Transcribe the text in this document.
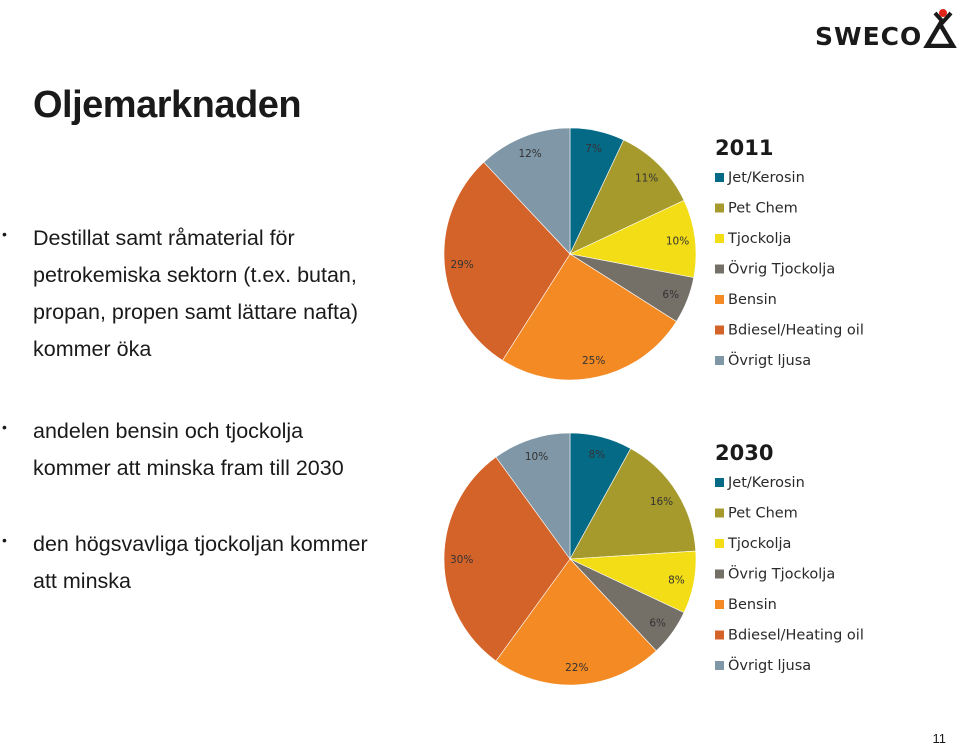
SWECO
Oljemarknaden
• Destillat samt råmaterial för
petrokemiska sektorn (t.ex. butan,
propan, propen samt lättare nafta)
kommer öka
• andelen bensin och tjockolja
kommer att minska fram till 2030
• den högsvavliga tjockoljan kommer
att minska
7%
11%
10%
6%
25%
29%
12%	2011
Jet/Kerosin
Pet Chem
Tjockolja
Övrig Tjockolja
Bensin
Bdiesel/Heating oil
Övrigt ljusa
8%
16%
8%
6%
22%
30%
10%	2030
Jet/Kerosin
Pet Chem
Tjockolja
Övrig Tjockolja
Bensin
Bdiesel/Heating oil
Övrigt ljusa
11
